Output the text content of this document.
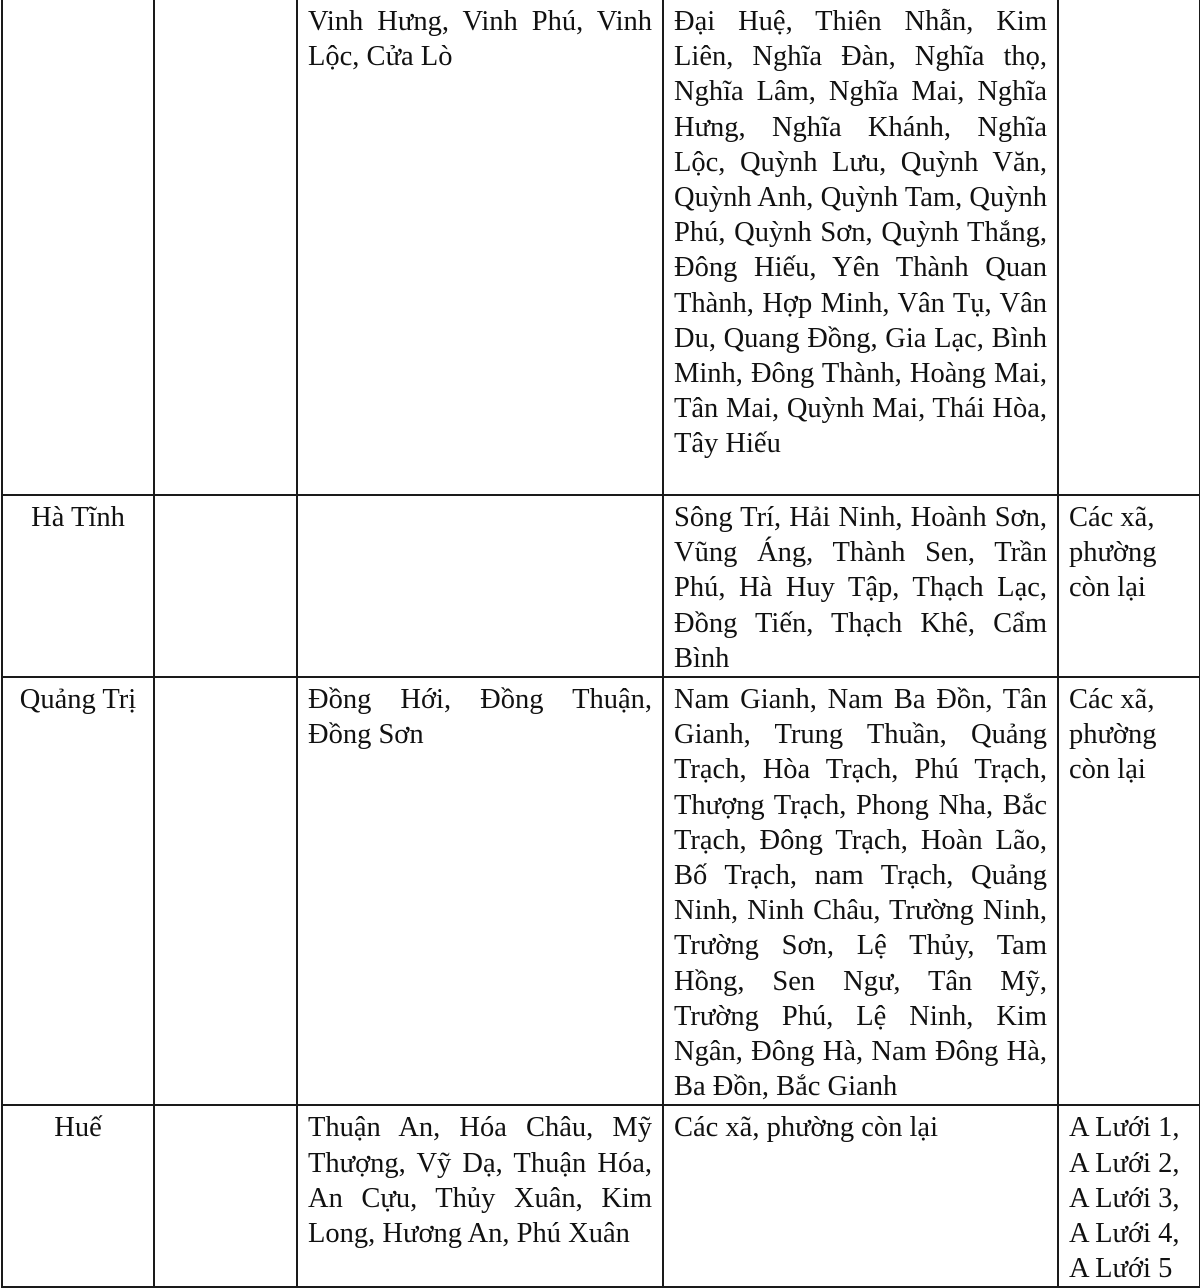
		Vinh Hưng, Vinh Phú, Vinh Lộc, Cửa Lò	Đại Huệ, Thiên Nhẫn, Kim Liên, Nghĩa Đàn, Nghĩa thọ, Nghĩa Lâm, Nghĩa Mai, Nghĩa Hưng, Nghĩa Khánh, Nghĩa Lộc, Quỳnh Lưu, Quỳnh Văn, Quỳnh Anh, Quỳnh Tam, Quỳnh Phú, Quỳnh Sơn, Quỳnh Thắng, Đông Hiếu, Yên Thành Quan Thành, Hợp Minh, Vân Tụ, Vân Du, Quang Đồng, Gia Lạc, Bình Minh, Đông Thành, Hoàng Mai, Tân Mai, Quỳnh Mai, Thái Hòa, Tây Hiếu	

Hà Tĩnh			Sông Trí, Hải Ninh, Hoành Sơn, Vũng Áng, Thành Sen, Trần Phú, Hà Huy Tập, Thạch Lạc, Đồng Tiến, Thạch Khê, Cẩm Bình	Các xã, phường còn lại

Quảng Trị		Đồng Hới, Đồng Thuận, Đồng Sơn	Nam Gianh, Nam Ba Đồn, Tân Gianh, Trung Thuần, Quảng Trạch, Hòa Trạch, Phú Trạch, Thượng Trạch, Phong Nha, Bắc Trạch, Đông Trạch, Hoàn Lão, Bố Trạch, nam Trạch, Quảng Ninh, Ninh Châu, Trường Ninh, Trường Sơn, Lệ Thủy, Tam Hồng, Sen Ngư, Tân Mỹ, Trường Phú, Lệ Ninh, Kim Ngân, Đông Hà, Nam Đông Hà, Ba Đồn, Bắc Gianh	Các xã, phường còn lại

Huế		Thuận An, Hóa Châu, Mỹ Thượng, Vỹ Dạ, Thuận Hóa, An Cựu, Thủy Xuân, Kim Long, Hương An, Phú Xuân	Các xã, phường còn lại	A Lưới 1, A Lưới 2, A Lưới 3, A Lưới 4, A Lưới 5
